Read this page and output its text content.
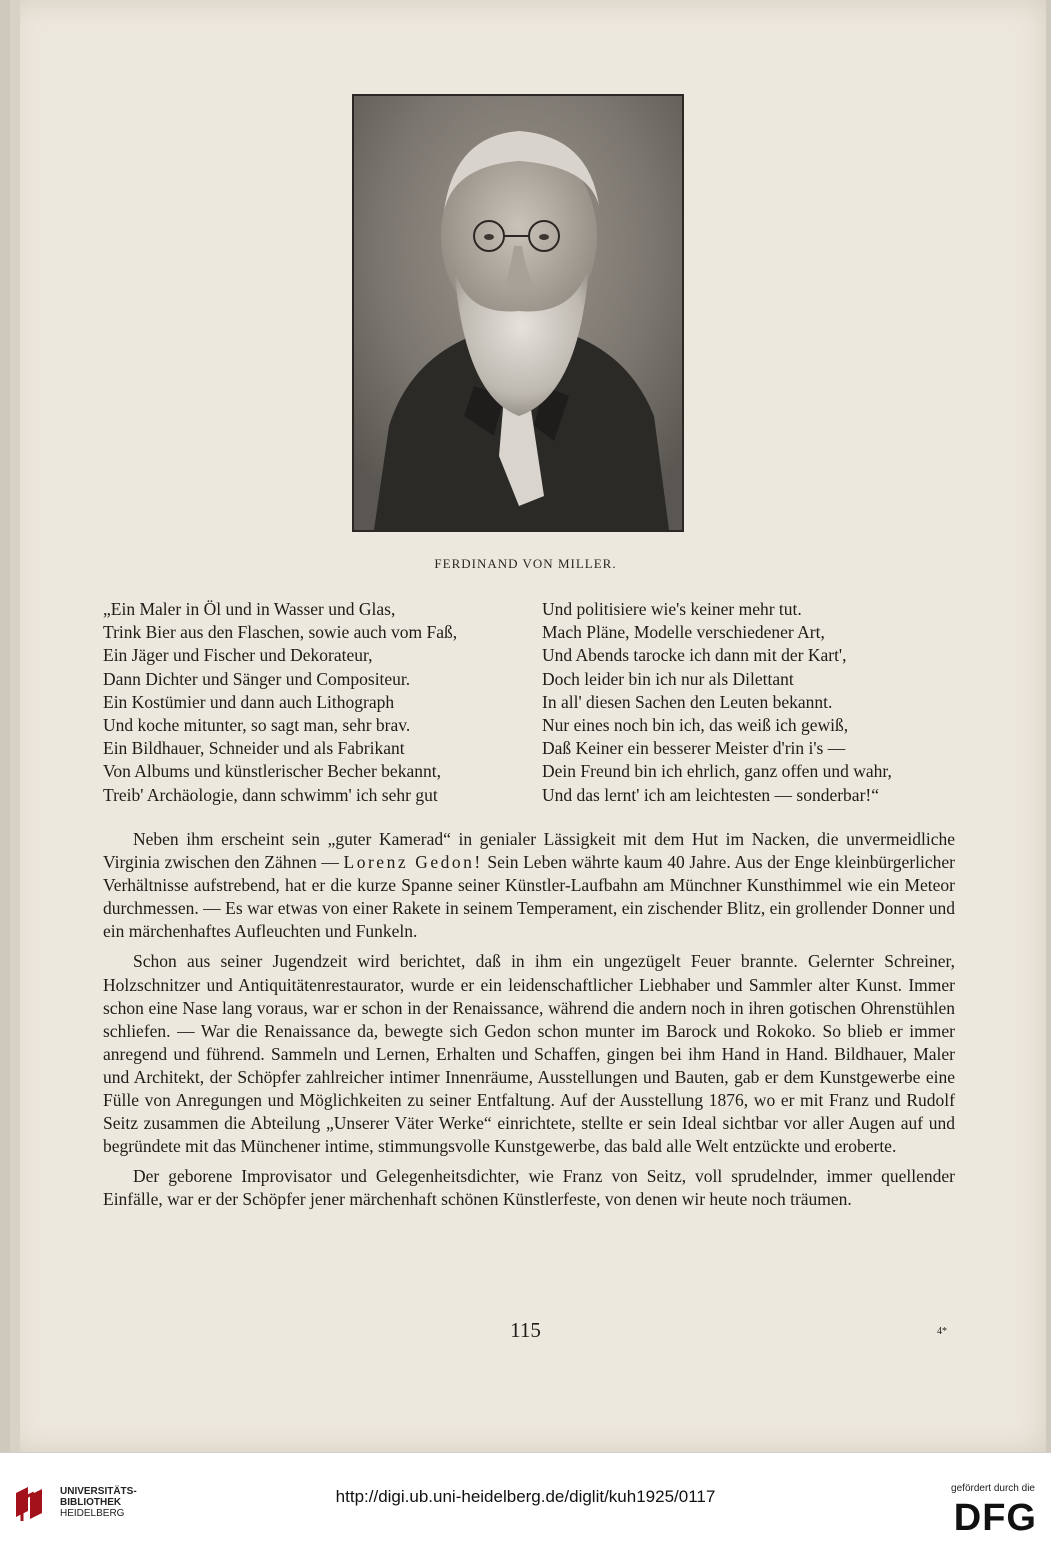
FERDINAND VON MILLER.
„Ein Maler in Öl und in Wasser und Glas,
Trink Bier aus den Flaschen, sowie auch vom Faß,
Ein Jäger und Fischer und Dekorateur,
Dann Dichter und Sänger und Compositeur.
Ein Kostümier und dann auch Lithograph
Und koche mitunter, so sagt man, sehr brav.
Ein Bildhauer, Schneider und als Fabrikant
Von Albums und künstlerischer Becher bekannt,
Treib' Archäologie, dann schwimm' ich sehr gut
Und politisiere wie's keiner mehr tut.
Mach Pläne, Modelle verschiedener Art,
Und Abends tarocke ich dann mit der Kart',
Doch leider bin ich nur als Dilettant
In all' diesen Sachen den Leuten bekannt.
Nur eines noch bin ich, das weiß ich gewiß,
Daß Keiner ein besserer Meister d'rin i's —
Dein Freund bin ich ehrlich, ganz offen und wahr,
Und das lernt' ich am leichtesten — sonderbar!“

Neben ihm erscheint sein „guter Kamerad“ in genialer Lässigkeit mit dem Hut im Nacken, die unvermeidliche Virginia zwischen den Zähnen — Lorenz Gedon! Sein Leben währte kaum 40 Jahre. Aus der Enge kleinbürgerlicher Verhältnisse aufstrebend, hat er die kurze Spanne seiner Künstler-Laufbahn am Münchner Kunsthimmel wie ein Meteor durchmessen. — Es war etwas von einer Rakete in seinem Temperament, ein zischender Blitz, ein grollender Donner und ein märchenhaftes Aufleuchten und Funkeln.

Schon aus seiner Jugendzeit wird berichtet, daß in ihm ein ungezügelt Feuer brannte. Gelernter Schreiner, Holzschnitzer und Antiquitätenrestaurator, wurde er ein leidenschaftlicher Liebhaber und Sammler alter Kunst. Immer schon eine Nase lang voraus, war er schon in der Renaissance, während die andern noch in ihren gotischen Ohrenstühlen schliefen. — War die Renaissance da, bewegte sich Gedon schon munter im Barock und Rokoko. So blieb er immer anregend und führend. Sammeln und Lernen, Erhalten und Schaffen, gingen bei ihm Hand in Hand. Bildhauer, Maler und Architekt, der Schöpfer zahlreicher intimer Innenräume, Ausstellungen und Bauten, gab er dem Kunstgewerbe eine Fülle von Anregungen und Möglichkeiten zu seiner Entfaltung. Auf der Ausstellung 1876, wo er mit Franz und Rudolf Seitz zusammen die Abteilung „Unserer Väter Werke“ einrichtete, stellte er sein Ideal sichtbar vor aller Augen auf und begründete mit das Münchener intime, stimmungsvolle Kunstgewerbe, das bald alle Welt entzückte und eroberte.

Der geborene Improvisator und Gelegenheitsdichter, wie Franz von Seitz, voll sprudelnder, immer quellender Einfälle, war er der Schöpfer jener märchenhaft schönen Künstlerfeste, von denen wir heute noch träumen.

115	4*
UNIVERSITÄTS-
BIBLIOTHEK
HEIDELBERG
http://digi.ub.uni-heidelberg.de/diglit/kuh1925/0117	gefördert durch die
DFG
